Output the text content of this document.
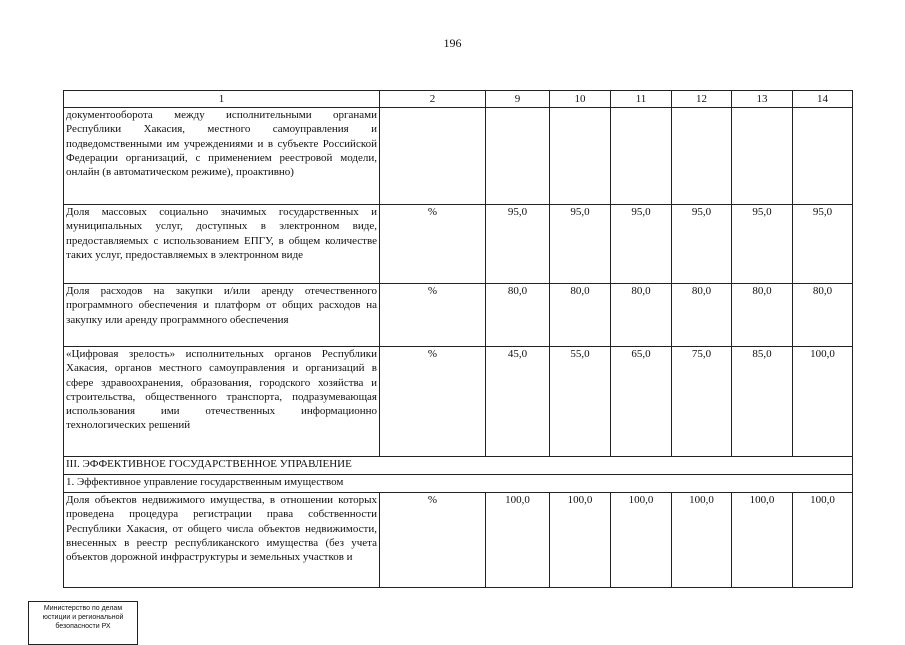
196
1	2	9	10	11	12	13	14
документооборота между исполнительными органами Республики Хакасия, местного самоуправления и подведомственными им учреждениями и в субъекте Российской Федерации организаций, с применением реестровой модели, онлайн (в автоматическом режиме), проактивно)							
Доля массовых социально значимых государственных и муниципальных услуг, доступных в электронном виде, предоставляемых с использованием ЕПГУ, в общем количестве таких услуг, предоставляемых в электронном виде	%	95,0	95,0	95,0	95,0	95,0	95,0
Доля расходов на закупки и/или аренду отечественного программного обеспечения и платформ от общих расходов на закупку или аренду программного обеспечения	%	80,0	80,0	80,0	80,0	80,0	80,0
«Цифровая зрелость» исполнительных органов Республики Хакасия, органов местного самоуправления и организаций в сфере здравоохранения, образования, городского хозяйства и строительства, общественного транспорта, подразумевающая использования ими отечественных информационно технологических решений	%	45,0	55,0	65,0	75,0	85,0	100,0
III. ЭФФЕКТИВНОЕ ГОСУДАРСТВЕННОЕ УПРАВЛЕНИЕ							
1. Эффективное управление государственным имуществом							
Доля объектов недвижимого имущества, в отношении которых проведена процедура регистрации права собственности Республики Хакасия, от общего числа объектов недвижимости, внесенных в реестр республиканского имущества (без учета объектов дорожной инфраструктуры и земельных участков и	%	100,0	100,0	100,0	100,0	100,0	100,0
Министерство по делам
юстиции и региональной
безопасности РХ
